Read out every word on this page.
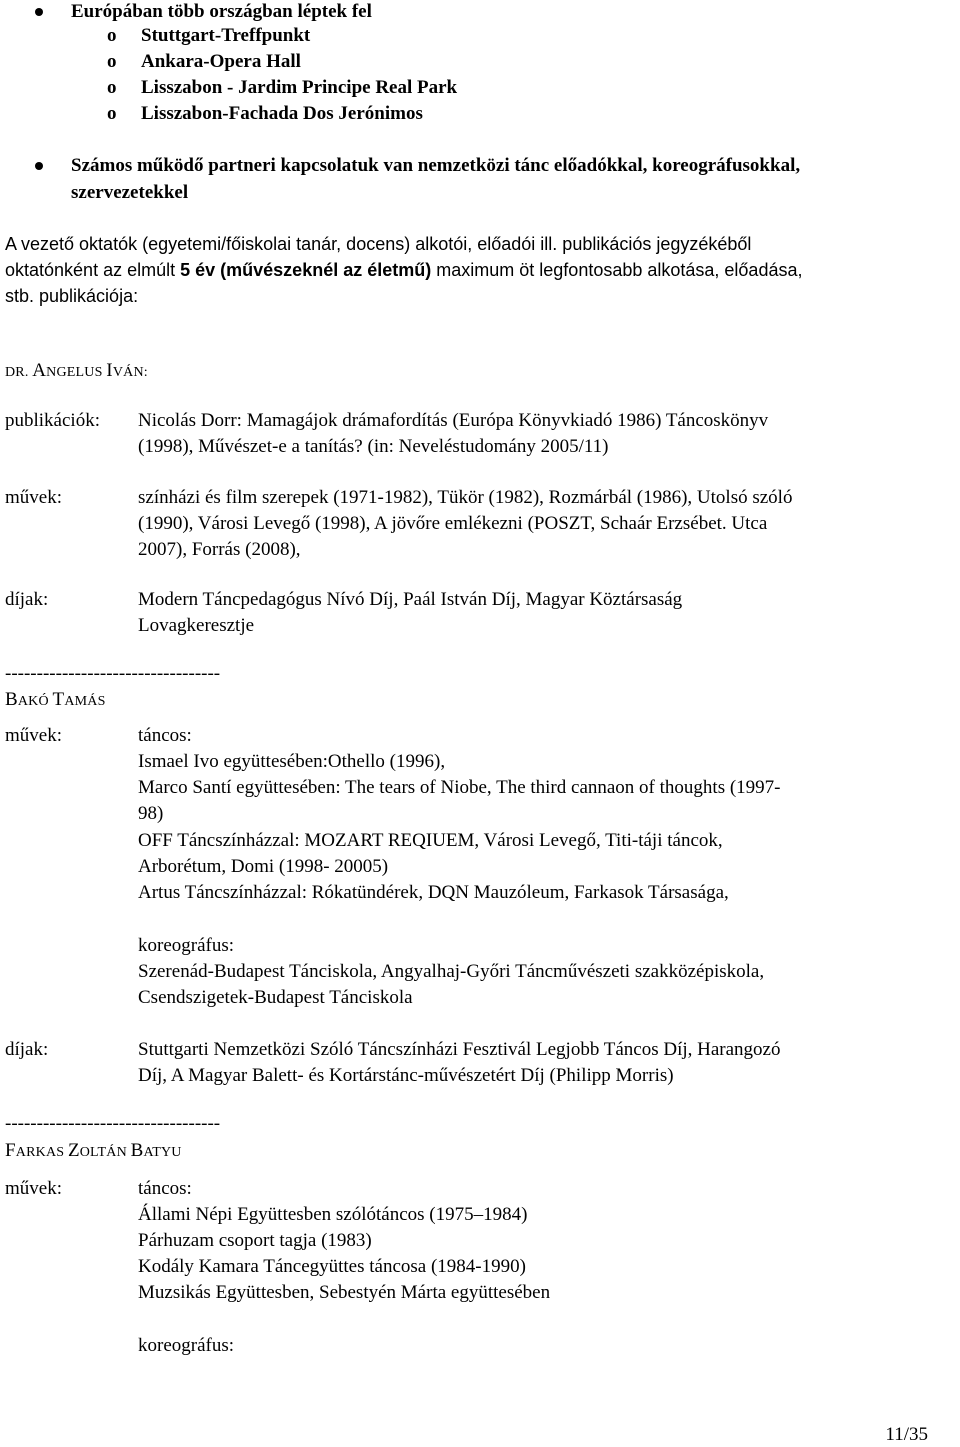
Európában több országban léptek fel
o Stuttgart-Treffpunkt
o Ankara-Opera Hall
o Lisszabon - Jardim Principe Real Park
o Lisszabon-Fachada Dos Jerónimos
Számos működő partneri kapcsolatuk van nemzetközi tánc előadókkal, koreográfusokkal,
szervezetekkel
A vezető oktatók (egyetemi/főiskolai tanár, docens) alkotói, előadói ill. publikációs jegyzékéből
oktatónként az elmúlt 5 év (művészeknél az életmű) maximum öt legfontosabb alkotása, előadása,
stb. publikációja:
DR. ANGELUS IVÁN:
publikációk: Nicolás Dorr: Mamagájok drámafordítás (Európa Könyvkiadó 1986) Táncoskönyv
(1998), Művészet-e a tanítás? (in: Neveléstudomány 2005/11)
művek:	színházi és film szerepek (1971-1982), Tükör (1982), Rozmárbál (1986), Utolsó szóló
(1990), Városi Levegő (1998), A jövőre emlékezni (POSZT, Schaár Erzsébet. Utca
2007), Forrás (2008),
díjak:	Modern Táncpedagógus Nívó Díj, Paál István Díj, Magyar Köztársaság
Lovagkeresztje
----------------------------------
BAKÓ TAMÁS
művek:	táncos:
Ismael Ivo együttesében:Othello (1996),
Marco Santí együttesében: The tears of Niobe, The third cannaon of thoughts (1997-
98)
OFF Táncszínházzal: MOZART REQIUEM, Városi Levegő, Titi-táji táncok,
Arborétum, Domi (1998- 20005)
Artus Táncszínházzal: Rókatündérek, DQN Mauzóleum, Farkasok Társasága,
koreográfus:
Szerenád-Budapest Tánciskola, Angyalhaj-Győri Táncművészeti szakközépiskola,
Csendszigetek-Budapest Tánciskola
díjak:	Stuttgarti Nemzetközi Szóló Táncszínházi Fesztivál Legjobb Táncos Díj, Harangozó
Díj, A Magyar Balett- és Kortárstánc-művészetért Díj (Philipp Morris)
----------------------------------
FARKAS ZOLTÁN BATYU
művek:	táncos:
Állami Népi Együttesben szólótáncos (1975–1984)
Párhuzam csoport tagja (1983)
Kodály Kamara Táncegyüttes táncosa (1984-1990)
Muzsikás Együttesben, Sebestyén Márta együttesében
koreográfus:
11/35
